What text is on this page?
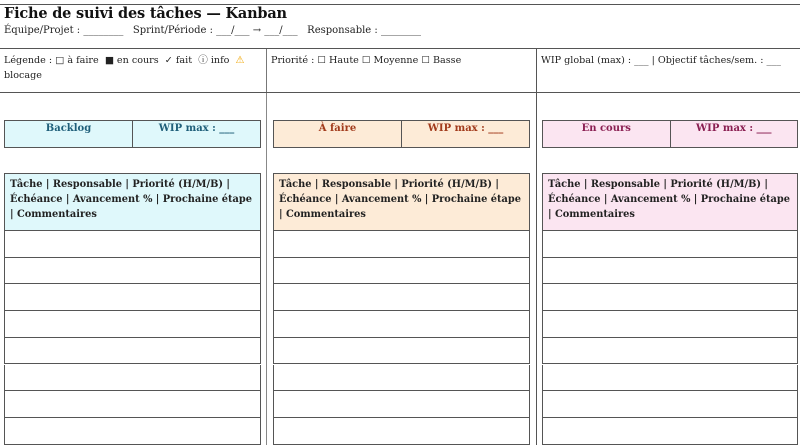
Fiche de suivi des tâches — Kanban
Équipe/Projet : ________   Sprint/Période : ___/___ → ___/___   Responsable : ________
Légende : □ à faire ■ en cours ✓ fait ⓘ info ⚠
blocage
Priorité : ☐ Haute ☐ Moyenne ☐ Basse	WIP global (max) : ___ | Objectif tâches/sem. : ___
Backlog	WIP max : ___
Tâche | Responsable | Priorité (H/M/B) | Échéance | Avancement % | Prochaine étape | Commentaires
À faire	WIP max : ___
Tâche | Responsable | Priorité (H/M/B) | Échéance | Avancement % | Prochaine étape | Commentaires
En cours	WIP max : ___
Tâche | Responsable | Priorité (H/M/B) | Échéance | Avancement % | Prochaine étape | Commentaires
